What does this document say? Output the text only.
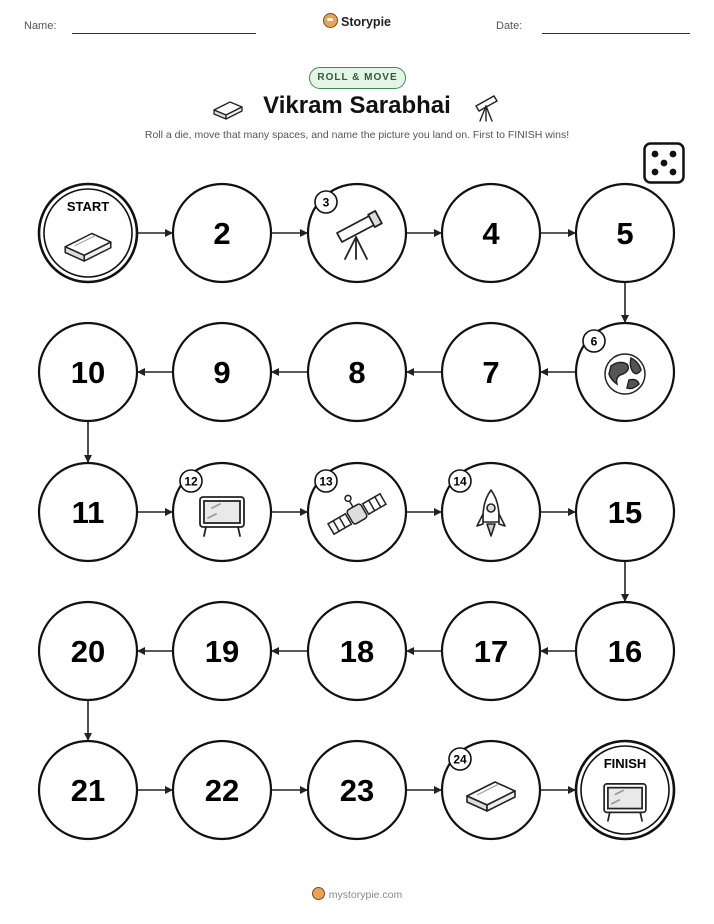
Name:	Storypie	Date:
ROLL & MOVE
Vikram Sarabhai
Roll a die, move that many spaces, and name the picture you land on. First to FINISH wins!
START
2
3
4	5
6
7
8
9
10
11
12	13	14
15
16
17
18
19
20
21	22	23
24	FINISH
mystorypie.com
